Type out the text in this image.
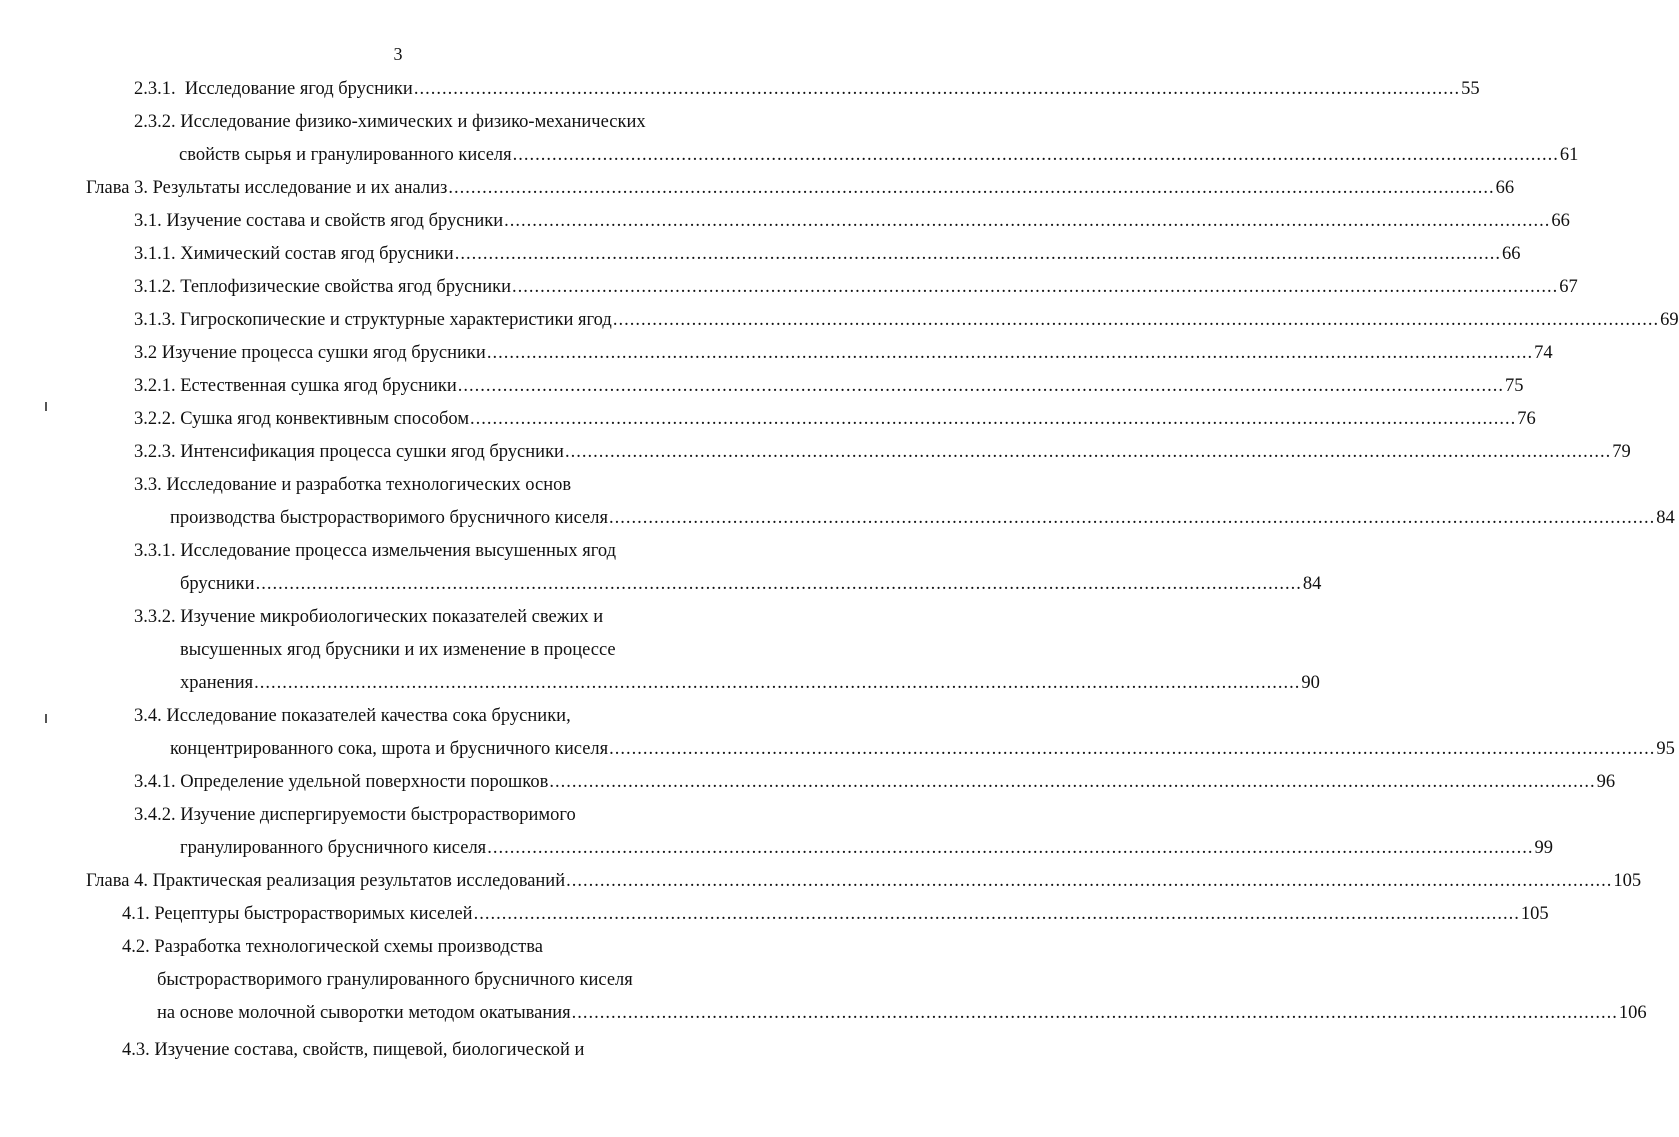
3
2.3.1.  Исследование ягод брусники .......................................................................................................................................................................................... 55
2.3.2. Исследование физико-химических и физико-механических
свойств сырья и гранулированного киселя .......................................................................................................................................................................................... 61
Глава 3. Результаты исследование и их анализ .......................................................................................................................................................................................... 66
3.1. Изучение состава и свойств ягод брусники .......................................................................................................................................................................................... 66
3.1.1. Химический состав ягод брусники .......................................................................................................................................................................................... 66
3.1.2. Теплофизические свойства ягод брусники .......................................................................................................................................................................................... 67
3.1.3. Гигроскопические и структурные характеристики ягод .......................................................................................................................................................................................... 69
3.2 Изучение процесса сушки ягод брусники .......................................................................................................................................................................................... 74
3.2.1. Естественная сушка ягод брусники .......................................................................................................................................................................................... 75
3.2.2. Сушка ягод конвективным способом .......................................................................................................................................................................................... 76
3.2.3. Интенсификация процесса сушки ягод брусники .......................................................................................................................................................................................... 79
3.3. Исследование и разработка технологических основ
производства быстрорастворимого брусничного киселя .......................................................................................................................................................................................... 84
3.3.1. Исследование процесса измельчения высушенных ягод
брусники .......................................................................................................................................................................................... 84
3.3.2. Изучение микробиологических показателей свежих и
высушенных ягод брусники и их изменение в процессе
хранения .......................................................................................................................................................................................... 90
3.4. Исследование показателей качества сока брусники,
концентрированного сока, шрота и брусничного киселя .......................................................................................................................................................................................... 95
3.4.1. Определение удельной поверхности порошков .......................................................................................................................................................................................... 96
3.4.2. Изучение диспергируемости быстрорастворимого
гранулированного брусничного киселя .......................................................................................................................................................................................... 99
Глава 4. Практическая реализация результатов исследований .......................................................................................................................................................................................... 105
4.1. Рецептуры быстрорастворимых киселей .......................................................................................................................................................................................... 105
4.2. Разработка технологической схемы производства
быстрорастворимого гранулированного брусничного киселя
на основе молочной сыворотки методом окатывания .......................................................................................................................................................................................... 106
4.3. Изучение состава, свойств, пищевой, биологической и
